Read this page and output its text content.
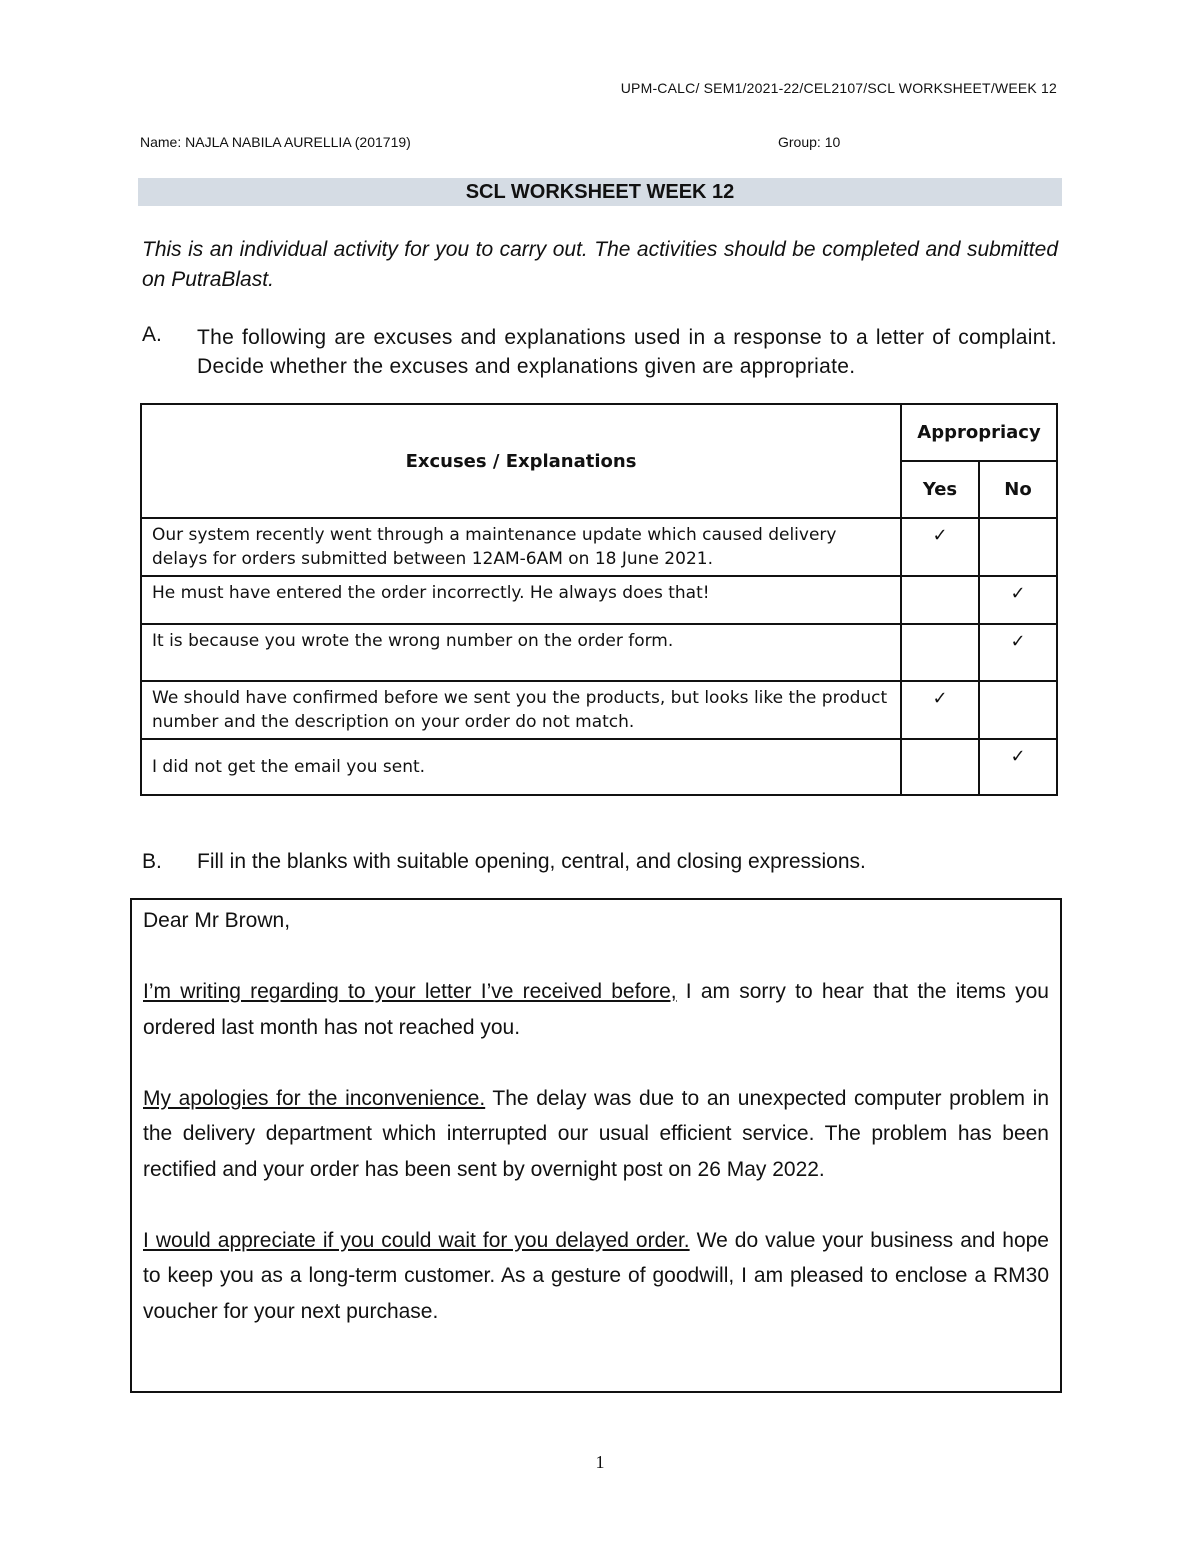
UPM-CALC/ SEM1/2021-22/CEL2107/SCL WORKSHEET/WEEK 12
Name: NAJLA NABILA AURELLIA (201719)	Group: 10
SCL WORKSHEET WEEK 12
This is an individual activity for you to carry out. The activities should be completed and submitted on PutraBlast.
A. The following are excuses and explanations used in a response to a letter of complaint. Decide whether the excuses and explanations given are appropriate.
Excuses / Explanations	Appropriacy	
	Yes	No
Our system recently went through a maintenance update which caused delivery delays for orders submitted between 12AM-6AM on 18 June 2021.	✓	
He must have entered the order incorrectly. He always does that!		✓
It is because you wrote the wrong number on the order form.		✓
We should have confirmed before we sent you the products, but looks like the product number and the description on your order do not match.	✓	
I did not get the email you sent.		✓
B. Fill in the blanks with suitable opening, central, and closing expressions.

Dear Mr Brown,

I’m writing regarding to your letter I’ve received before, I am sorry to hear that the items you ordered last month has not reached you.

My apologies for the inconvenience. The delay was due to an unexpected computer problem in the delivery department which interrupted our usual efficient service. The problem has been rectified and your order has been sent by overnight post on 26 May 2022.

I would appreciate if you could wait for you delayed order. We do value your business and hope to keep you as a long-term customer. As a gesture of goodwill, I am pleased to enclose a RM30 voucher for your next purchase.

1
